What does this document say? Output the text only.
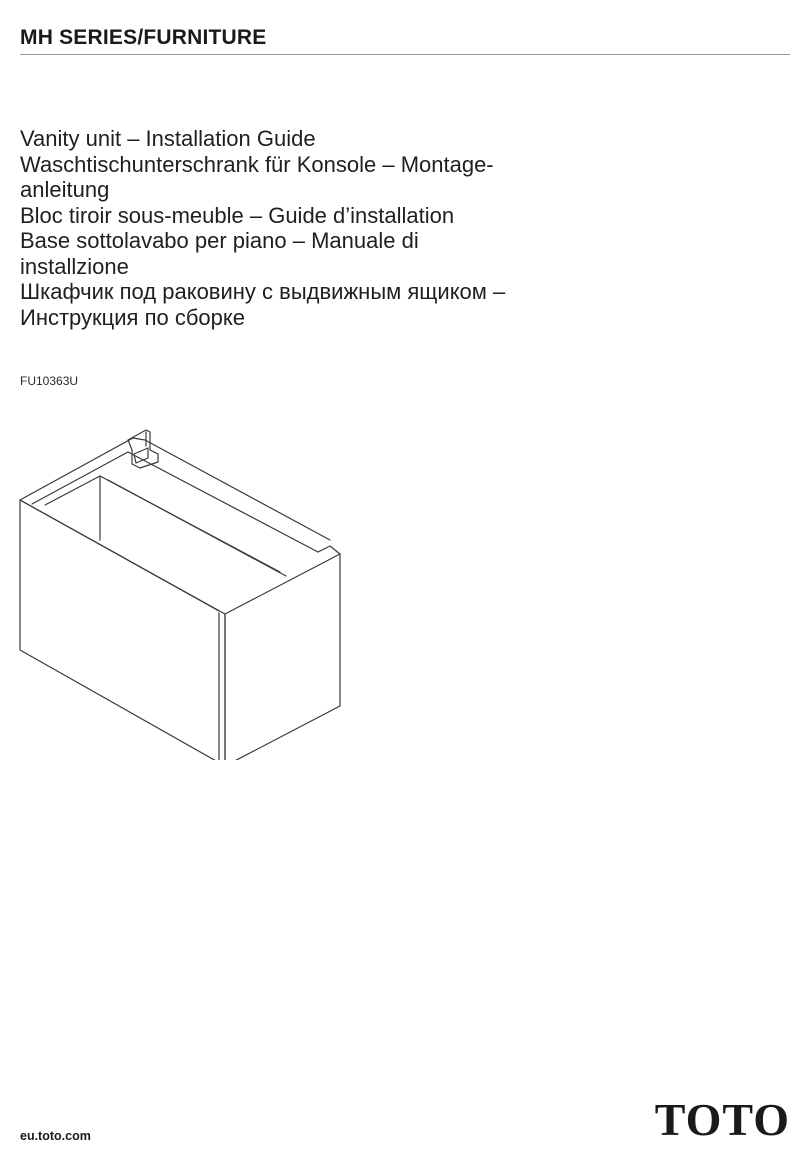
MH SERIES/FURNITURE
Vanity unit – Installation Guide
Waschtischunterschrank für Konsole – Montage-
anleitung
Bloc tiroir sous-meuble – Guide d’installation
Base sottolavabo per piano – Manuale di
installzione
Шкафчик под раковину с выдвижным ящиком –
Инструкция по сборке
FU10363U
eu.toto.com	TOTO
